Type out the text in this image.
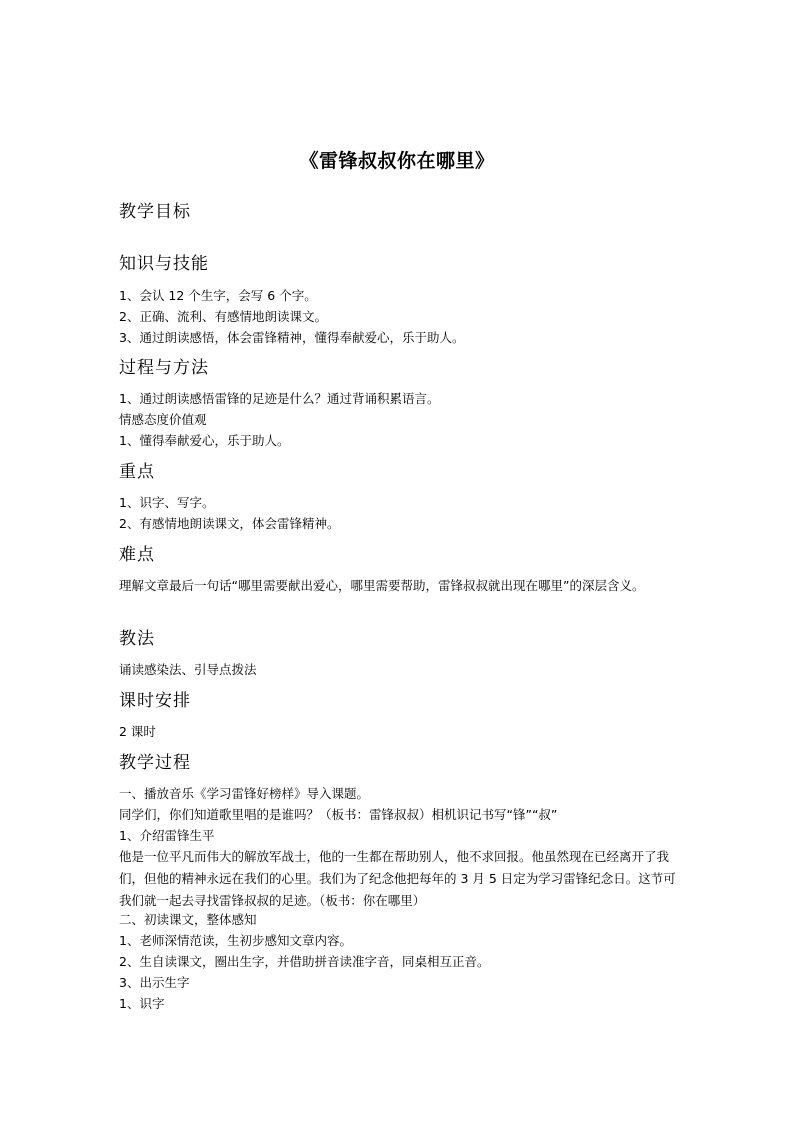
《雷锋叔叔你在哪里》
教学目标
知识与技能
1、会认 12 个生字，会写 6 个字。
2、正确、流利、有感情地朗读课文。
3、通过朗读感悟，体会雷锋精神，懂得奉献爱心，乐于助人。
过程与方法
1、通过朗读感悟雷锋的足迹是什么？通过背诵积累语言。
情感态度价值观
1、懂得奉献爱心，乐于助人。
重点
1、识字、写字。
2、有感情地朗读课文，体会雷锋精神。
难点
理解文章最后一句话“哪里需要献出爱心，哪里需要帮助，雷锋叔叔就出现在哪里”的深层含义。
教法
诵读感染法、引导点拨法
课时安排
2 课时
教学过程
一、播放音乐《学习雷锋好榜样》导入课题。
同学们，你们知道歌里唱的是谁吗？（板书：雷锋叔叔）相机识记书写“锋”“叔”
1、介绍雷锋生平
他是一位平凡而伟大的解放军战士，他的一生都在帮助别人，他不求回报。他虽然现在已经离开了我们，但他的精神永远在我们的心里。我们为了纪念他把每年的 3 月 5 日定为学习雷锋纪念日。这节可我们就一起去寻找雷锋叔叔的足迹。（板书：你在哪里）
二、初读课文，整体感知
1、老师深情范读，生初步感知文章内容。
2、生自读课文，圈出生字，并借助拼音读准字音，同桌相互正音。
3、出示生字
1、识字
